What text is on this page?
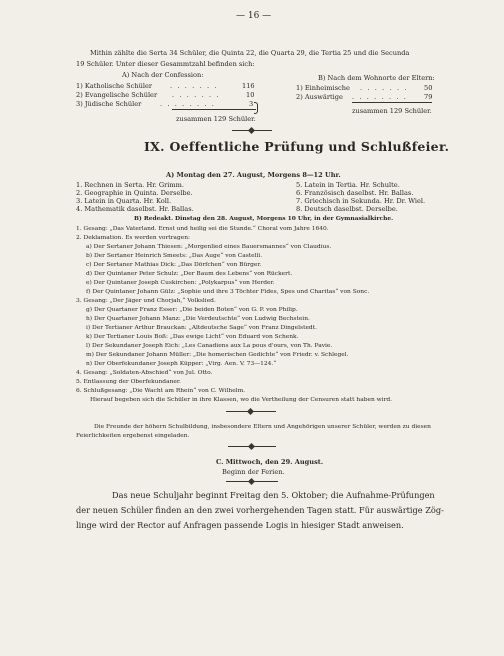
— 16 —
Mithin zählte die Serta 34 Schüler, die Quinta 22, die Quarta 29, die Tertia 25 und die Secunda
19 Schüler. Unter dieser Gesammtzahl befinden sich:
A) Nach der Confession:
1) Katholische Schüler	. . . . . . .	116
2) Evangelische Schüler . . . . . . .	10
3) Jüdische Schüler	. . . . . . . .	3
zusammen 129 Schüler.
B) Nach dem Wohnorte der Eltern:
1) Einheimische . . . . . . . 50
2) Auswärtige . . . . . . . .	79
zusammen 129 Schüler.
IX. Oeffentliche Prüfung und Schlußfeier.
A) Montag den 27. August, Morgens 8—12 Uhr.
1. Rechnen in Serta. Hr. Grimm.
2. Geographie in Quinta. Derselbe.
3. Latein in Quarta. Hr. Koll.
4. Mathematik daselbst. Hr. Ballas.
5. Latein in Tertia. Hr. Schulte.
6. Französisch daselbst. Hr. Ballas.
7. Griechisch in Sekunda. Hr. Dr. Wiel.
8. Deutsch daselbst. Derselbe.
B) Redeakt. Dinstag den 28. August, Morgens 10 Uhr, in der Gymnasialkirche.
1. Gesang: „Das Vaterland. Ernst und heilig sei die Stunde.“ Choral vom Jahre 1640.
2. Deklamation. Es werden vortragen:
a) Der Sertaner Johann Thiesen: „Morgenlied eines Bauersmannes“ von Claudius.
b) Der Sertaner Heinrich Smeets: „Das Auge“ von Castelli.
c) Der Sertaner Mathias Dick: „Das Dörfchen“ von Bürger.
d) Der Quintaner Peter Schulz: „Der Baum des Lebens“ von Rückert.
e) Der Quintaner Joseph Cuskirchen: „Polykarpus“ von Herder.
f) Der Quintaner Johann Gülz: „Sophie und ihre 3 Töchter Fides, Spes und Charitas“ von Sonc.
3. Gesang: „Der Jäger und Chorjah,“ Volkslied.
g) Der Quartaner Franz Esser: „Die beiden Boten“ von G. P. von Philip.
h) Der Quartaner Johann Manz: „Die Verdeutschte“ von Ludwig Bechstein.
i) Der Tertianer Arthur Brauckan: „Altdeutsche Sage“ von Franz Dingelstedt.
k) Der Tertianer Louis Boß: „Das ewige Licht“ von Eduard von Schenk.
l) Der Sekundaner Joseph Eich: „Les Canadiens aux La pous d'ours, von Th. Pavie.
m) Der Sekundaner Johann Müller: „Die homerischen Gedichte“ von Friedr. v. Schlegel.
n) Der Oberfekundaner Joseph Küpper: „Virg. Aen. V. 73—124.“
4. Gesang: „Soldaten-Abschied“ von Jul. Otto.
5. Entlassung der Oberfekundaner.
6. Schlußgesang: „Die Wacht am Rhein“ von C. Wilhelm.
Hierauf begeben sich die Schüler in ihre Klassen, wo die Vertheilung der Censuren statt haben wird.
Die Freunde der höhern Schulbildung, insbesondere Eltern und Angehörigen unserer Schüler, werden zu diesen
Feierlichkeiten ergebenst eingeladen.
C. Mittwoch, den 29. August.
Beginn der Ferien.
Das neue Schuljahr beginnt Freitag den 5. Oktober; die Aufnahme-Prüfungen
der neuen Schüler finden an den zwei vorhergehenden Tagen statt. Für auswärtige Zög-
linge wird der Rector auf Anfragen passende Logis in hiesiger Stadt anweisen.
